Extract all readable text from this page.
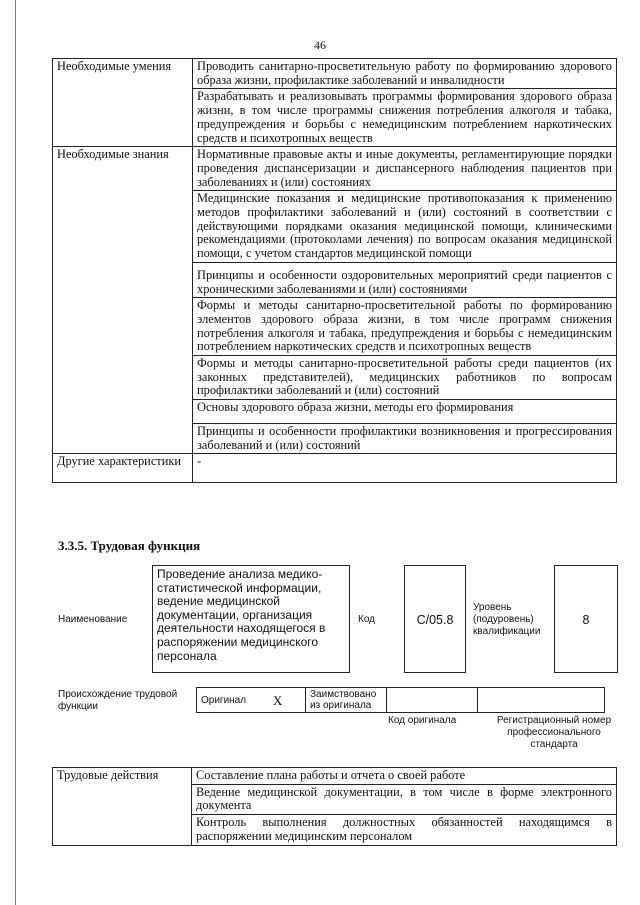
46
Необходимые умения	Проводить санитарно-просветительную работу по формированию здорового образа жизни, профилактике заболеваний и инвалидности
	Разрабатывать и реализовывать программы формирования здорового образа жизни, в том числе программы снижения потребления алкоголя и табака, предупреждения и борьбы с немедицинским потреблением наркотических средств и психотропных веществ
Необходимые знания	Нормативные правовые акты и иные документы, регламентирующие порядки проведения диспансеризации и диспансерного наблюдения пациентов при заболеваниях и (или) состояниях
	Медицинские показания и медицинские противопоказания к применению методов профилактики заболеваний и (или) состояний в соответствии с действующими порядками оказания медицинской помощи, клиническими рекомендациями (протоколами лечения) по вопросам оказания медицинской помощи, с учетом стандартов медицинской помощи
	Принципы и особенности оздоровительных мероприятий среди пациентов с хроническими заболеваниями и (или) состояниями
	Формы и методы санитарно-просветительной работы по формированию элементов здорового образа жизни, в том числе программ снижения потребления алкоголя и табака, предупреждения и борьбы с немедицинским потреблением наркотических средств и психотропных веществ
	Формы и методы санитарно-просветительной работы среди пациентов (их законных представителей), медицинских работников по вопросам профилактики заболеваний и (или) состояний
	Основы здорового образа жизни, методы его формирования
	Принципы и особенности профилактики возникновения и прогрессирования заболеваний и (или) состояний
Другие характеристики	-
3.3.5. Трудовая функция
Наименование
Проведение анализа медико-статистической информации, ведение медицинской документации, организация деятельности находящегося в распоряжении медицинского персонала
Код	C/05.8
Уровень (подуровень) квалификации
8
Происхождение трудовой функции
Оригинал X	Заимствовано из оригинала		
Код оригинала	Регистрационный номер профессионального стандарта
Трудовые действия	Составление плана работы и отчета о своей работе
Ведение медицинской документации, в том числе в форме электронного документа
Контроль выполнения должностных обязанностей находящимся в распоряжении медицинским персоналом
